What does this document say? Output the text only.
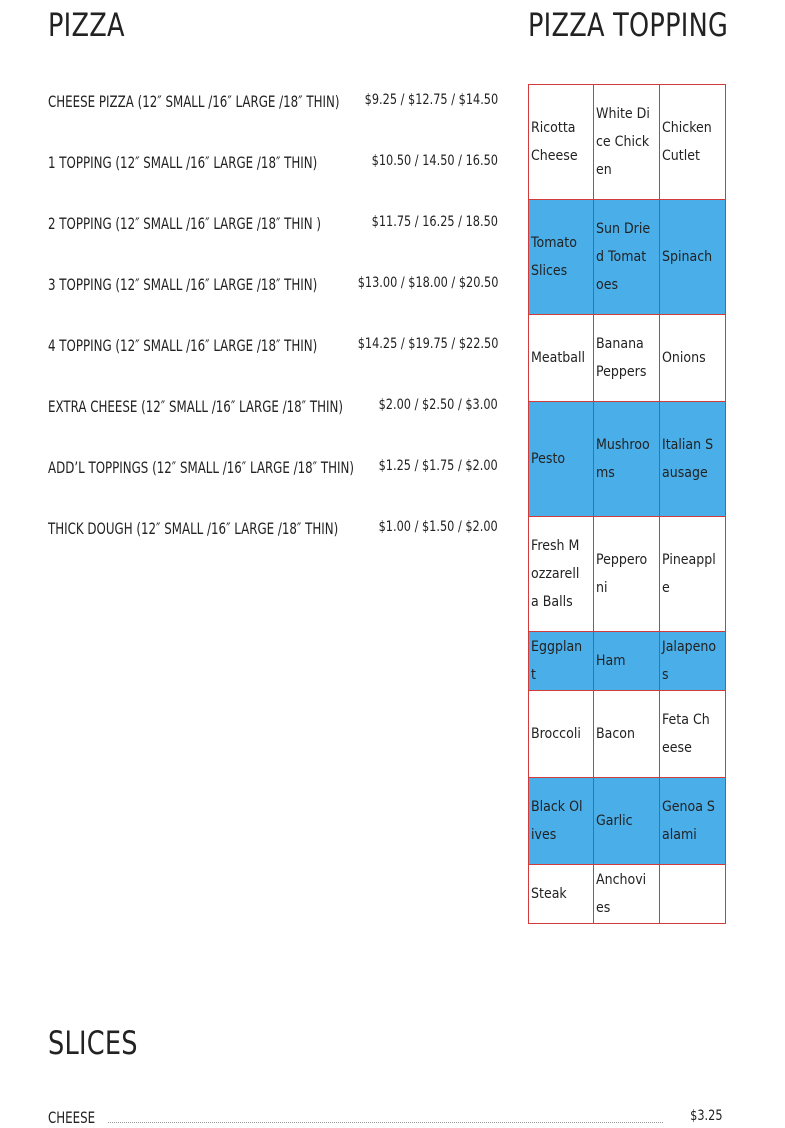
PIZZA
CHEESE PIZZA (12″ SMALL /16″ LARGE /18″ THIN) $9.25 / $12.75 / $14.50
1 TOPPING (12″ SMALL /16″ LARGE /18″ THIN)	$10.50 / 14.50 / 16.50
2 TOPPING (12″ SMALL /16″ LARGE /18″ THIN )	$11.75 / 16.25 / 18.50
3 TOPPING (12″ SMALL /16″ LARGE /18″ THIN)	$13.00 / $18.00 / $20.50
4 TOPPING (12″ SMALL /16″ LARGE /18″ THIN)	$14.25 / $19.75 / $22.50
EXTRA CHEESE (12″ SMALL /16″ LARGE /18″ THIN) $2.00 / $2.50 / $3.00
ADD’L TOPPINGS (12″ SMALL /16″ LARGE /18″ THIN) $1.25 / $1.75 / $2.00
THICK DOUGH (12″ SMALL /16″ LARGE /18″ THIN)	$1.00 / $1.50 / $2.00
PIZZA TOPPING
Ricotta Cheese	White Dice Chicken	Chicken Cutlet

Tomato Slices	Sun Dried Tomatoes	Spinach

Meatball	Banana Peppers	Onions

Pesto	Mushrooms	Italian Sausage

Fresh Mozzarella Balls	Pepperoni	Pineapple

Eggplant	Ham	Jalapenos

Broccoli	Bacon	Feta Cheese

Black Olives	Garlic	Genoa Salami

Steak	Anchovies	

SLICES
CHEESE	$3.25
